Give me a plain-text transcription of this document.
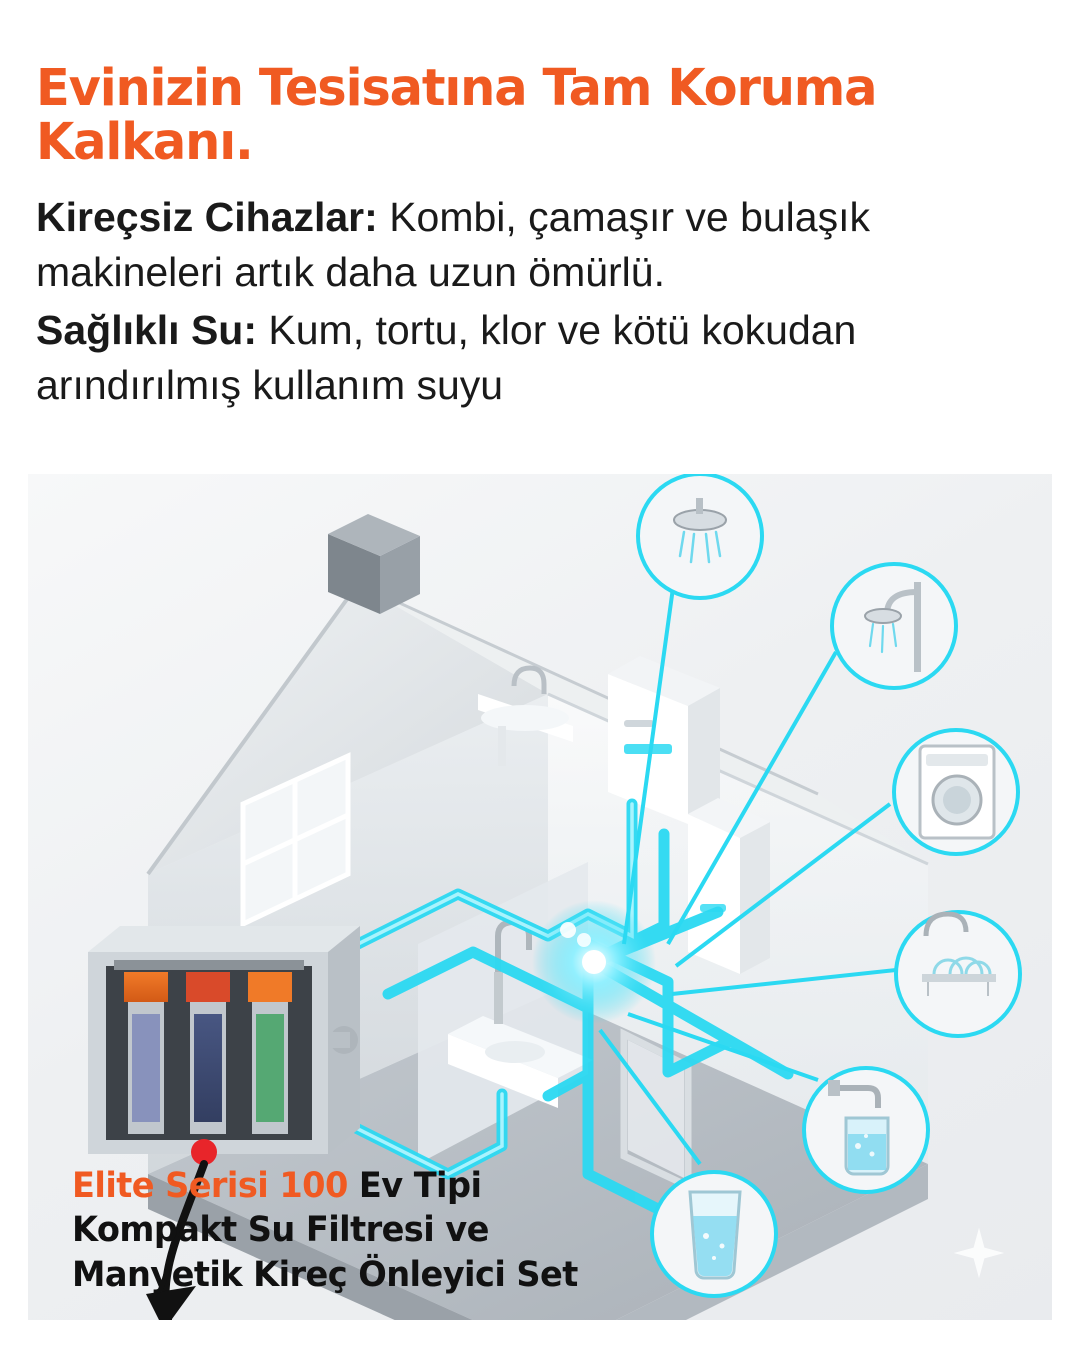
Evinizin Tesisatına Tam Koruma Kalkanı.

Kireçsiz Cihazlar: Kombi, çamaşır ve bulaşık makineleri artık daha uzun ömürlü.

Sağlıklı Su: Kum, tortu, klor ve kötü kokudan arındırılmış kullanım suyu

Elite Serisi 100 Ev Tipi
Kompakt Su Filtresi ve
Manyetik Kireç Önleyici Set
